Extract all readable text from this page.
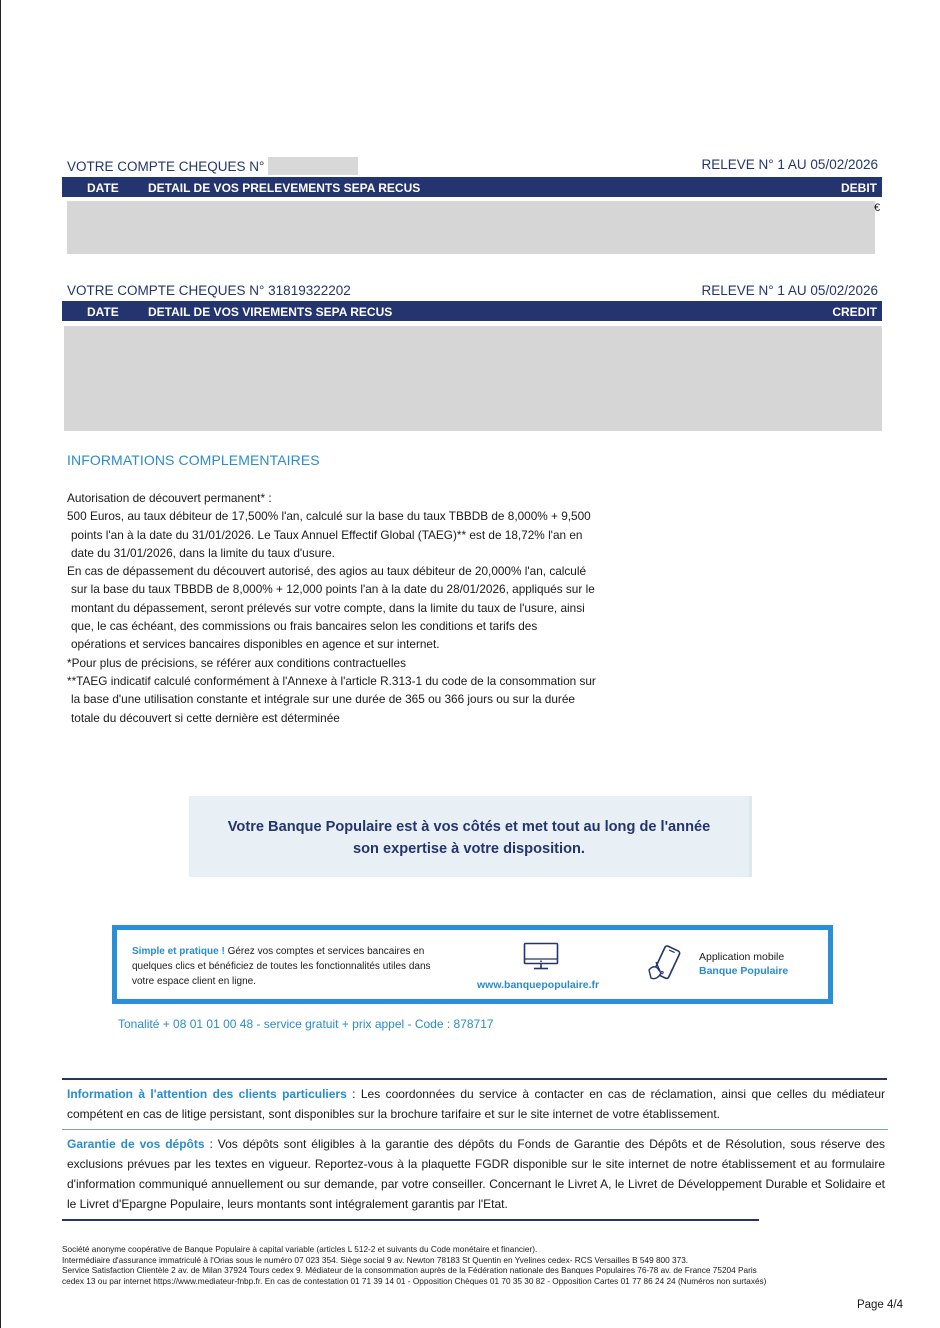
VOTRE COMPTE CHEQUES N°	RELEVE N° 1 AU 05/02/2026
DATE DETAIL DE VOS PRELEVEMENTS SEPA RECUS	DEBIT
€
VOTRE COMPTE CHEQUES N° 31819322202	RELEVE N° 1 AU 05/02/2026
DATE DETAIL DE VOS VIREMENTS SEPA RECUS	CREDIT
INFORMATIONS COMPLEMENTAIRES
Autorisation de découvert permanent* :
500 Euros, au taux débiteur de 17,500% l'an, calculé sur la base du taux TBBDB de 8,000% + 9,500
points l'an à la date du 31/01/2026. Le Taux Annuel Effectif Global (TAEG)** est de 18,72% l'an en
date du 31/01/2026, dans la limite du taux d'usure.
En cas de dépassement du découvert autorisé, des agios au taux débiteur de 20,000% l'an, calculé
sur la base du taux TBBDB de 8,000% + 12,000 points l'an à la date du 28/01/2026, appliqués sur le
montant du dépassement, seront prélevés sur votre compte, dans la limite du taux de l'usure, ainsi
que, le cas échéant, des commissions ou frais bancaires selon les conditions et tarifs des
opérations et services bancaires disponibles en agence et sur internet.
*Pour plus de précisions, se référer aux conditions contractuelles
**TAEG indicatif calculé conformément à l'Annexe à l'article R.313-1 du code de la consommation sur
la base d'une utilisation constante et intégrale sur une durée de 365 ou 366 jours ou sur la durée
totale du découvert si cette dernière est déterminée
Votre Banque Populaire est à vos côtés et met tout au long de l'année
son expertise à votre disposition.
Simple et pratique ! Gérez vos comptes et services bancaires en quelques clics et bénéficiez de toutes les fonctionnalités utiles dans votre espace client en ligne.	www.banquepopulaire.fr
Application mobile
Banque Populaire
Tonalité + 08 01 01 00 48 - service gratuit + prix appel - Code : 878717
Information à l'attention des clients particuliers : Les coordonnées du service à contacter en cas de réclamation, ainsi que celles du médiateur compétent en cas de litige persistant, sont disponibles sur la brochure tarifaire et sur le site internet de votre établissement.
Garantie de vos dépôts : Vos dépôts sont éligibles à la garantie des dépôts du Fonds de Garantie des Dépôts et de Résolution, sous réserve des exclusions prévues par les textes en vigueur. Reportez-vous à la plaquette FGDR disponible sur le site internet de notre établissement et au formulaire d'information communiqué annuellement ou sur demande, par votre conseiller. Concernant le Livret A, le Livret de Développement Durable et Solidaire et le Livret d'Epargne Populaire, leurs montants sont intégralement garantis par l'Etat.
Société anonyme coopérative de Banque Populaire à capital variable (articles L 512-2 et suivants du Code monétaire et financier).
Intermédiaire d'assurance immatriculé à l'Orias sous le numéro 07 023 354. Siège social 9 av. Newton 78183 St Quentin en Yvelines cedex- RCS Versailles B 549 800 373.
Service Satisfaction Clientèle 2 av. de Milan 37924 Tours cedex 9. Médiateur de la consommation auprès de la Fédération nationale des Banques Populaires 76-78 av. de France 75204 Paris
cedex 13 ou par internet https://www.mediateur-fnbp.fr. En cas de contestation 01 71 39 14 01 - Opposition Chèques 01 70 35 30 82 - Opposition Cartes 01 77 86 24 24 (Numéros non surtaxés)
Page 4/4
